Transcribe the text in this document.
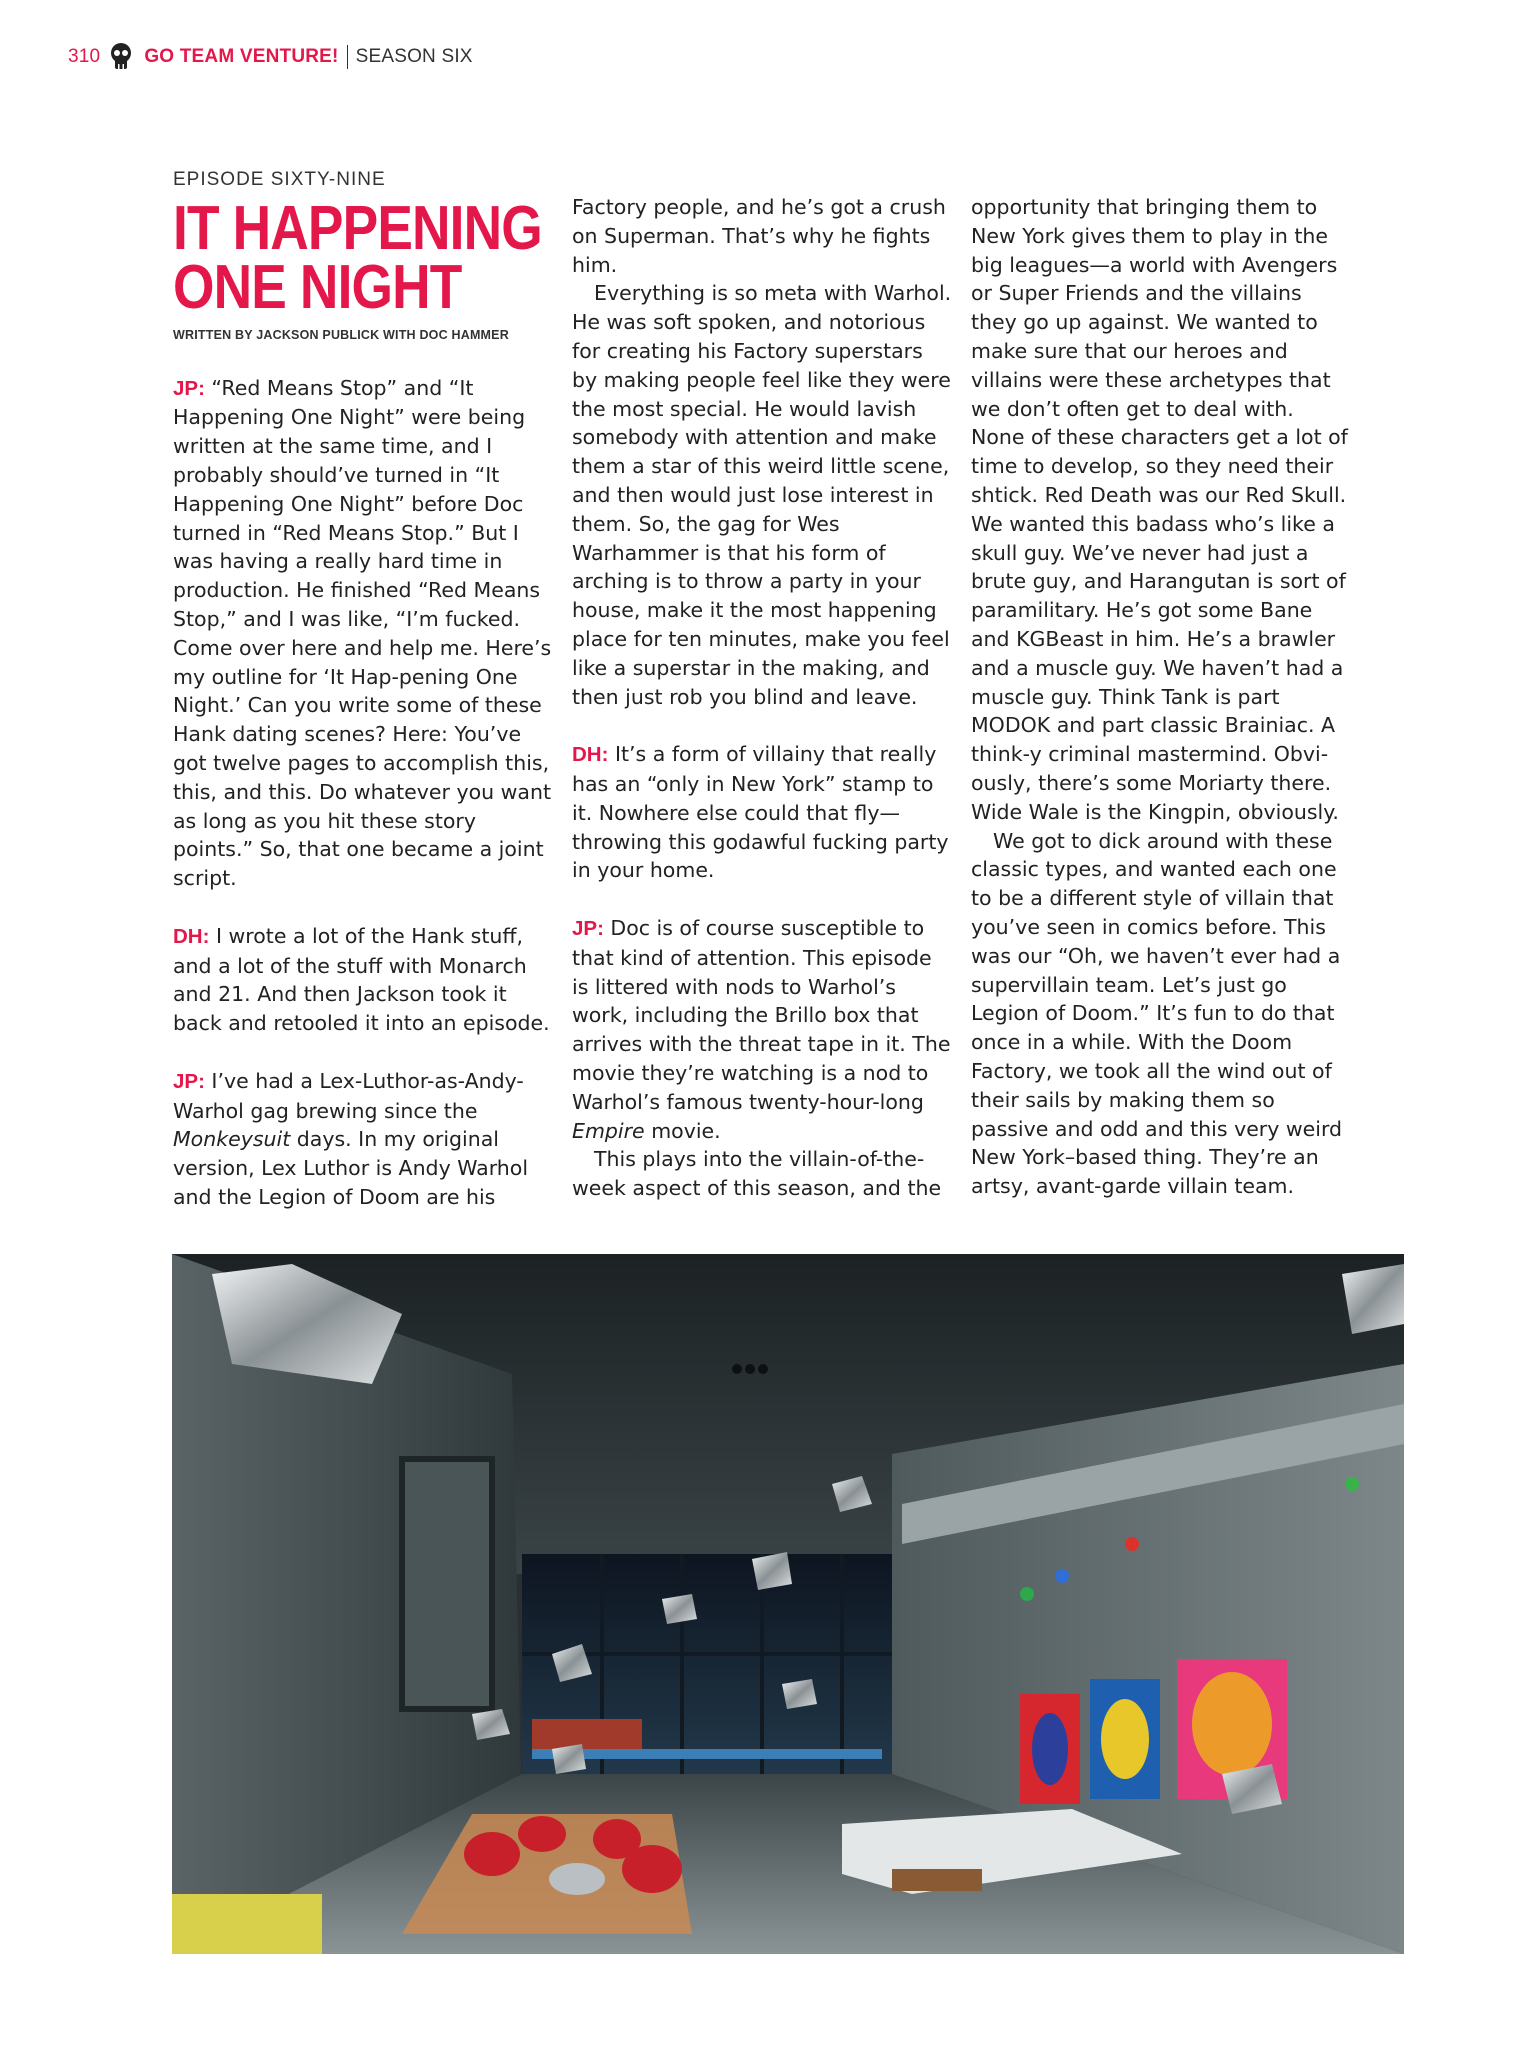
310 GO TEAM VENTURE! SEASON SIX
EPISODE SIXTY-NINE
IT HAPPENING
ONE NIGHT
WRITTEN BY JACKSON PUBLICK WITH DOC HAMMER

JP: “Red Means Stop” and “It Happening One Night” were being written at the same time, and I probably should’ve turned in “It Happening One Night” before Doc turned in “Red Means Stop.” But I was having a really hard time in production. He finished “Red Means Stop,” and I was like, “I’m fucked. Come over here and help me. Here’s my outline for ‘It Hap-pening One Night.’ Can you write some of these Hank dating scenes? Here: You’ve got twelve pages to accomplish this, this, and this. Do whatever you want as long as you hit these story points.” So, that one became a joint script.

DH: I wrote a lot of the Hank stuff, and a lot of the stuff with Monarch and 21. And then Jackson took it back and retooled it into an episode.

JP: I’ve had a Lex-Luthor-as-Andy-Warhol gag brewing since the Monkeysuit days. In my original version, Lex Luthor is Andy Warhol and the Legion of Doom are his

Factory people, and he’s got a crush on Superman. That’s why he fights him.

Everything is so meta with Warhol. He was soft spoken, and notorious for creating his Factory superstars by making people feel like they were the most special. He would lavish somebody with attention and make them a star of this weird little scene, and then would just lose interest in them. So, the gag for Wes Warhammer is that his form of arching is to throw a party in your house, make it the most happening place for ten minutes, make you feel like a superstar in the making, and then just rob you blind and leave.

DH: It’s a form of villainy that really has an “only in New York” stamp to it. Nowhere else could that fly—throwing this godawful fucking party in your home.

JP: Doc is of course susceptible to that kind of attention. This episode is littered with nods to Warhol’s work, including the Brillo box that arrives with the threat tape in it. The movie they’re watching is a nod to Warhol’s famous twenty-hour-long Empire movie.

This plays into the villain-of-the-week aspect of this season, and the

opportunity that bringing them to New York gives them to play in the big leagues—a world with Avengers or Super Friends and the villains they go up against. We wanted to make sure that our heroes and villains were these archetypes that we don’t often get to deal with. None of these characters get a lot of time to develop, so they need their shtick. Red Death was our Red Skull. We wanted this badass who’s like a skull guy. We’ve never had just a brute guy, and Harangutan is sort of paramilitary. He’s got some Bane and KGBeast in him. He’s a brawler and a muscle guy. We haven’t had a muscle guy. Think Tank is part MODOK and part classic Brainiac. A think-y criminal mastermind. Obvi-ously, there’s some Moriarty there. Wide Wale is the Kingpin, obviously.

We got to dick around with these classic types, and wanted each one to be a different style of villain that you’ve seen in comics before. This was our “Oh, we haven’t ever had a supervillain team. Let’s just go Legion of Doom.” It’s fun to do that once in a while. With the Doom Factory, we took all the wind out of their sails by making them so passive and odd and this very weird New York–based thing. They’re an artsy, avant-garde villain team.
